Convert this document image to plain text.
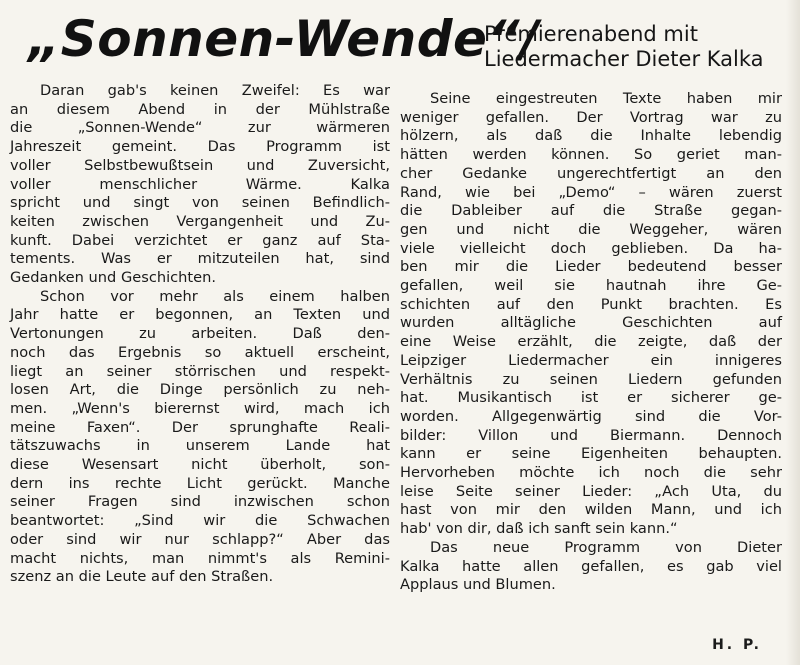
„Sonnen-Wende“/
Premierenabend mit
Liedermacher Dieter Kalka
Daran gab's keinen Zweifel: Es war
an diesem Abend in der Mühlstraße
die „Sonnen-Wende“ zur wärmeren
Jahreszeit gemeint. Das Programm ist
voller Selbstbewußtsein und Zuversicht,
voller menschlicher Wärme. Kalka
spricht und singt von seinen Befindlich-
keiten zwischen Vergangenheit und Zu-
kunft. Dabei verzichtet er ganz auf Sta-
tements. Was er mitzuteilen hat, sind
Gedanken und Geschichten.
Schon vor mehr als einem halben
Jahr hatte er begonnen, an Texten und
Vertonungen zu arbeiten. Daß den-
noch das Ergebnis so aktuell erscheint,
liegt an seiner störrischen und respekt-
losen Art, die Dinge persönlich zu neh-
men. „Wenn's bierernst wird, mach ich
meine Faxen“. Der sprunghafte Reali-
tätszuwachs in unserem Lande hat
diese Wesensart nicht überholt, son-
dern ins rechte Licht gerückt. Manche
seiner Fragen sind inzwischen schon
beantwortet: „Sind wir die Schwachen
oder sind wir nur schlapp?“ Aber das
macht nichts, man nimmt's als Remini-
szenz an die Leute auf den Straßen.
Seine eingestreuten Texte haben mir
weniger gefallen. Der Vortrag war zu
hölzern, als daß die Inhalte lebendig
hätten werden können. So geriet man-
cher Gedanke ungerechtfertigt an den
Rand, wie bei „Demo“ – wären zuerst
die Dableiber auf die Straße gegan-
gen und nicht die Weggeher, wären
viele vielleicht doch geblieben. Da ha-
ben mir die Lieder bedeutend besser
gefallen, weil sie hautnah ihre Ge-
schichten auf den Punkt brachten. Es
wurden alltägliche Geschichten auf
eine Weise erzählt, die zeigte, daß der
Leipziger Liedermacher ein innigeres
Verhältnis zu seinen Liedern gefunden
hat. Musikantisch ist er sicherer ge-
worden. Allgegenwärtig sind die Vor-
bilder: Villon und Biermann. Dennoch
kann er seine Eigenheiten behaupten.
Hervorheben möchte ich noch die sehr
leise Seite seiner Lieder: „Ach Uta, du
hast von mir den wilden Mann, und ich
hab' von dir, daß ich sanft sein kann.“
Das neue Programm von Dieter
Kalka hatte allen gefallen, es gab viel
Applaus und Blumen.
H. P.
